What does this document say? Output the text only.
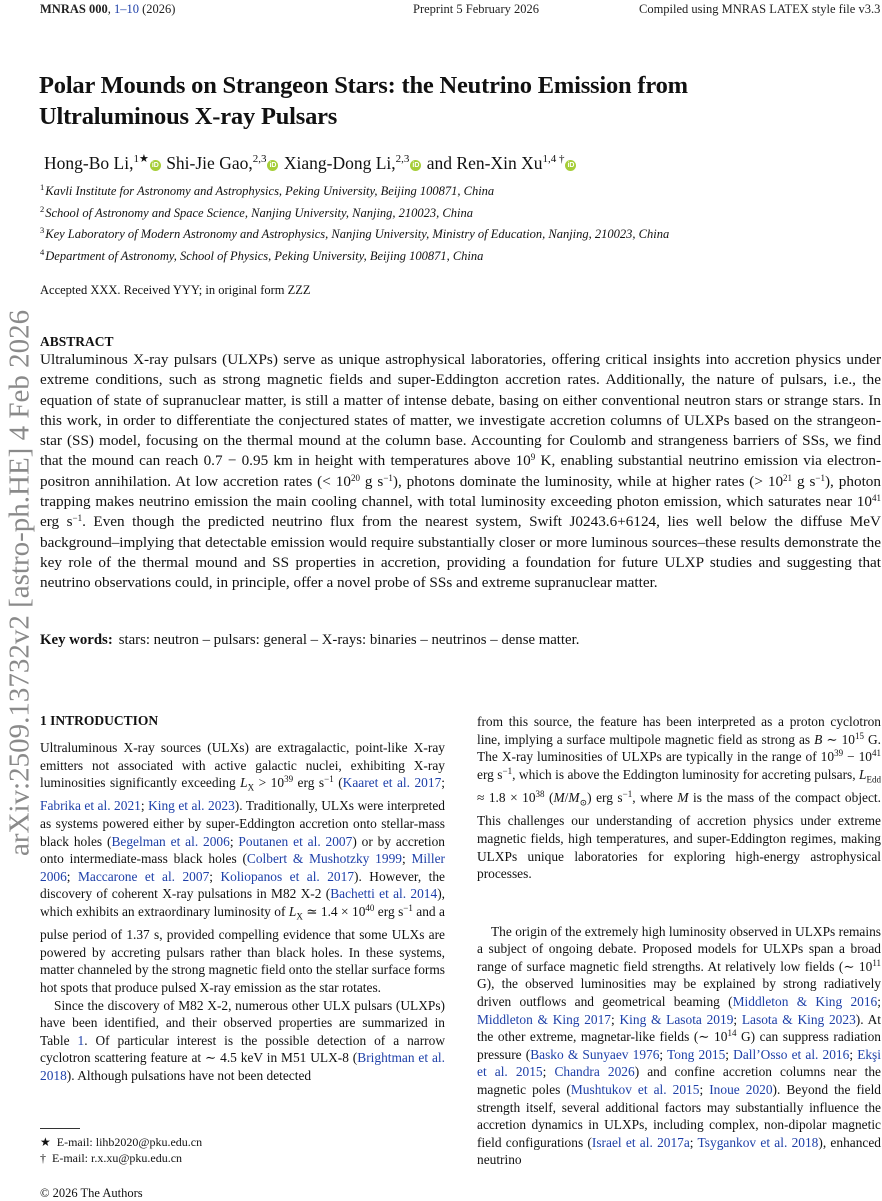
MNRAS 000, 1–10 (2026)	Preprint 5 February 2026	Compiled using MNRAS LATEX style file v3.3
arXiv:2509.13732v2 [astro-ph.HE] 4 Feb 2026
Polar Mounds on Strangeon Stars: the Neutrino Emission from Ultraluminous X-ray Pulsars
Hong-Bo Li,$^{1★}$iD Shi-Jie Gao,$^{2,3}$iD Xiang-Dong Li,$^{2,3}$iD and Ren-Xin $Xu^{1,4 \dagger}iD$
$^1$Kavli Institute for Astronomy and Astrophysics, Peking University, Beijing 100871, China
$^2$School of Astronomy and Space Science, Nanjing University, Nanjing, 210023, China
$^3$Key Laboratory of Modern Astronomy and Astrophysics, Nanjing University, Ministry of Education, Nanjing, 210023, China
$^4$Department of Astronomy, School of Physics, Peking University, Beijing 100871, China
Accepted XXX. Received YYY; in original form ZZZ
ABSTRACT
Ultraluminous X-ray pulsars (ULXPs) serve as unique astrophysical laboratories, offering critical insights into accretion physics under extreme conditions, such as strong magnetic fields and super-Eddington accretion rates. Additionally, the nature of pulsars, i.e., the equation of state of supranuclear matter, is still a matter of intense debate, basing on either conventional neutron stars or strange stars. In this work, in order to differentiate the conjectured states of matter, we investigate accretion columns of ULXPs based on the strangeon-star (SS) model, focusing on the thermal mound at the column base. Accounting for Coulomb and strangeness barriers of SSs, we find that the mound can reach 0.7 − 0.95 km in height with temperatures above $10^9$ K, enabling substantial neutrino emission via electron-positron annihilation. At low accretion rates (< $10^{20}$ g $s^{-1}$), photons dominate the luminosity, while at higher rates (> $10^{21}$ g $s^{-1}$), photon trapping makes neutrino emission the main cooling channel, with total luminosity exceeding photon emission, which saturates near $10^{41}$ erg $s^{-1}$. Even though the predicted neutrino flux from the nearest system, Swift J0243.6+6124, lies well below the diffuse MeV background–implying that detectable emission would require substantially closer or more luminous sources–these results demonstrate the key role of the thermal mound and SS properties in accretion, providing a foundation for future ULXP studies and suggesting that neutrino observations could, in principle, offer a novel probe of SSs and extreme supranuclear matter.
Key words: stars: neutron – pulsars: general – X-rays: binaries – neutrinos – dense matter.
1 INTRODUCTION

Ultraluminous X-ray sources (ULXs) are extragalactic, point-like X-ray emitters not associated with active galactic nuclei, exhibiting X-ray luminosities significantly exceeding $L_X > 10^{39}$ erg $s^{-1}$ (Kaaret et al. 2017; Fabrika et al. 2021; King et al. 2023). Traditionally, ULXs were interpreted as systems powered either by super-Eddington accretion onto stellar-mass black holes (Begelman et al. 2006; Poutanen et al. 2007) or by accretion onto intermediate-mass black holes (Colbert & Mushotzky 1999; Miller 2006; Maccarone et al. 2007; Koliopanos et al. 2017). However, the discovery of coherent X-ray pulsations in M82 X-2 (Bachetti et al. 2014), which exhibits an extraordinary luminosity of $L_X$ ≃ $1.4 \times 10^{40}$ erg $s^{-1}$ and a pulse period of 1.37 s, provided compelling evidence that some ULXs are powered by accreting pulsars rather than black holes. In these systems, matter channeled by the strong magnetic field onto the stellar surface forms hot spots that produce pulsed X-ray emission as the star rotates.

Since the discovery of M82 X-2, numerous other ULX pulsars (ULXPs) have been identified, and their observed properties are summarized in Table 1. Of particular interest is the possible detection of a narrow cyclotron scattering feature at ∼ 4.5 keV in M51 ULX-8 (Brightman et al. 2018). Although pulsations have not been detected

from this source, the feature has been interpreted as a proton cyclotron line, implying a surface multipole magnetic field as strong as B ∼ $10^{15}$ G. The X-ray luminosities of ULXPs are typically in the range of $10^{39} - 10^{41}$ erg $s^{-1}$, which is above the Eddington luminosity for accreting pulsars, $L_{Edd} \approx 1.8 \times 10^{38}$ $(M/M_⊙)$ erg $s^{-1}$, where M is the mass of the compact object. This challenges our understanding of accretion physics under extreme magnetic fields, high temperatures, and super-Eddington regimes, making ULXPs unique laboratories for exploring high-energy astrophysical processes.

The origin of the extremely high luminosity observed in ULXPs remains a subject of ongoing debate. Proposed models for ULXPs span a broad range of surface magnetic field strengths. At relatively low fields (∼ $10^{11}$ G), the observed luminosities may be explained by strong radiatively driven outflows and geometrical beaming (Middleton & King 2016; Middleton & King 2017; King & Lasota 2019; Lasota & King 2023). At the other extreme, magnetar-like fields (∼ $10^{14}$ G) can suppress radiation pressure (Basko & Sunyaev 1976; Tong 2015; Dall’Osso et al. 2016; Ekşi et al. 2015; Chandra 2026) and confine accretion columns near the magnetic poles (Mushtukov et al. 2015; Inoue 2020). Beyond the field strength itself, several additional factors may substantially influence the accretion dynamics in ULXPs, including complex, non-dipolar magnetic field configurations (Israel et al. 2017a; Tsygankov et al. 2018), enhanced neutrino

★ E-mail: lihb2020@pku.edu.cn
† E-mail: r.x.xu@pku.edu.cn
© 2026 The Authors
